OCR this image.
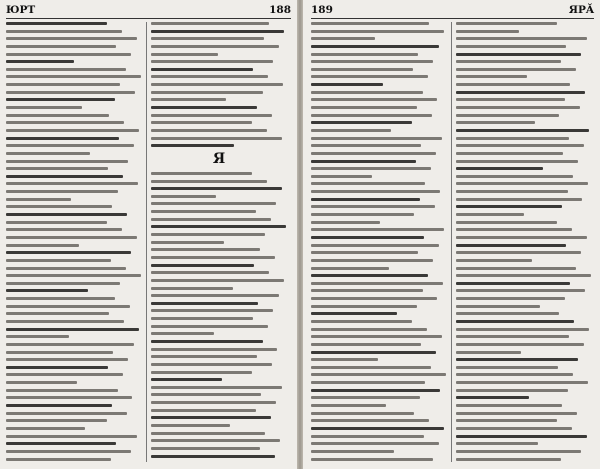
ЮРТ	188
Я
189	ЯРĂ
